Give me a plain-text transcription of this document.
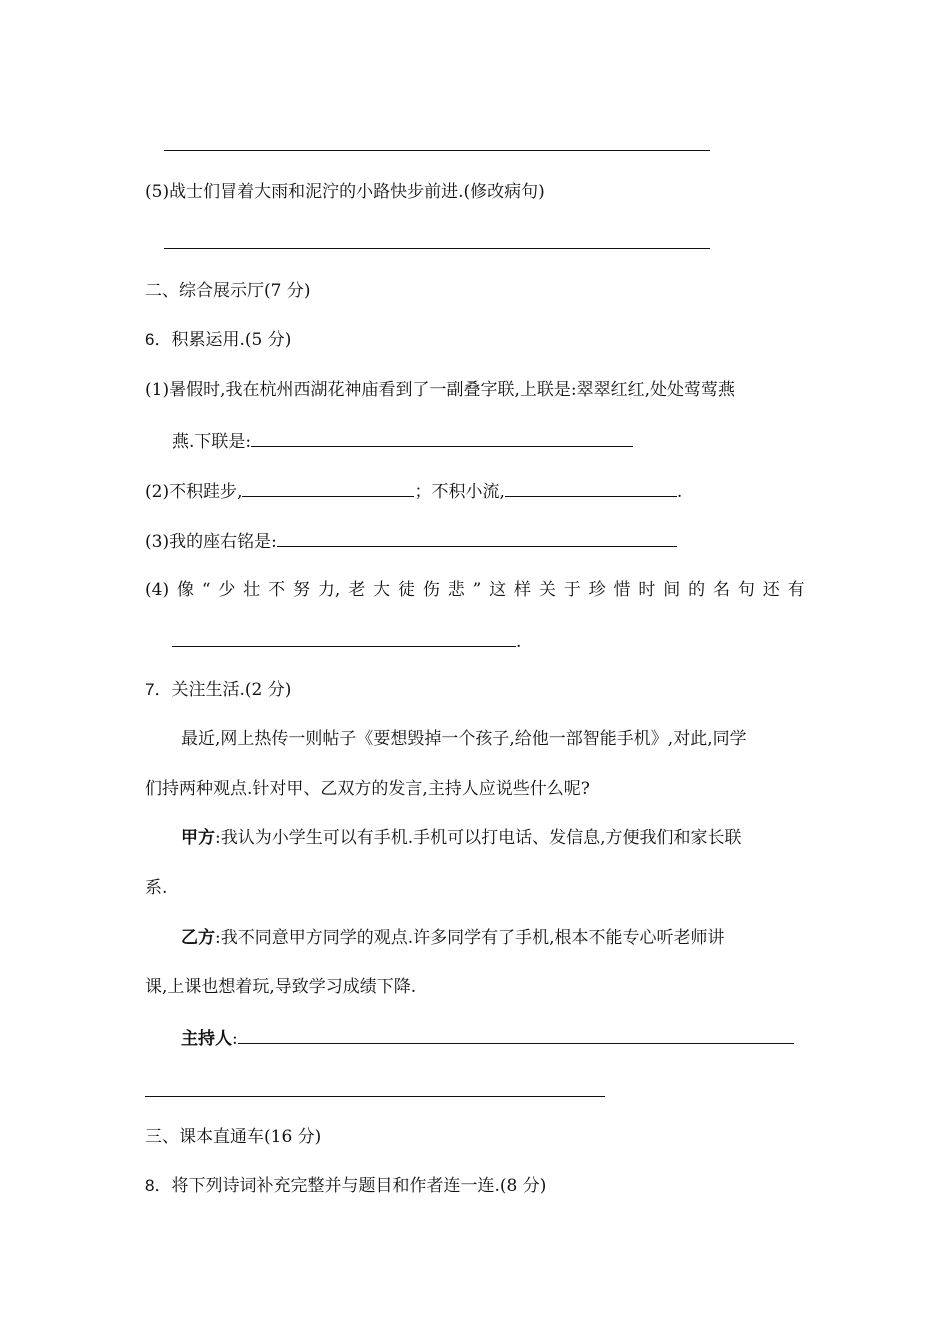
(5)战士们冒着大雨和泥泞的小路快步前进.(修改病句)
二、综合展示厅(7 分)
6．积累运用.(5 分)
(1)暑假时,我在杭州西湖花神庙看到了一副叠字联,上联是:翠翠红红,处处莺莺燕
燕.下联是:
(2)不积跬步,	；不积小流,	.
(3)我的座右铭是:
(4) 像 “ 少 壮 不 努 力, 老 大 徒 伤 悲 ” 这 样 关 于 珍 惜 时 间 的 名 句 还 有
.
7．关注生活.(2 分)
最近,网上热传一则帖子《要想毁掉一个孩子,给他一部智能手机》,对此,同学
们持两种观点.针对甲、乙双方的发言,主持人应说些什么呢?
甲方:我认为小学生可以有手机.手机可以打电话、发信息,方便我们和家长联
系.
乙方:我不同意甲方同学的观点.许多同学有了手机,根本不能专心听老师讲
课,上课也想着玩,导致学习成绩下降.
主持人:
三、课本直通车(16 分)
8．将下列诗词补充完整并与题目和作者连一连.(8 分)
